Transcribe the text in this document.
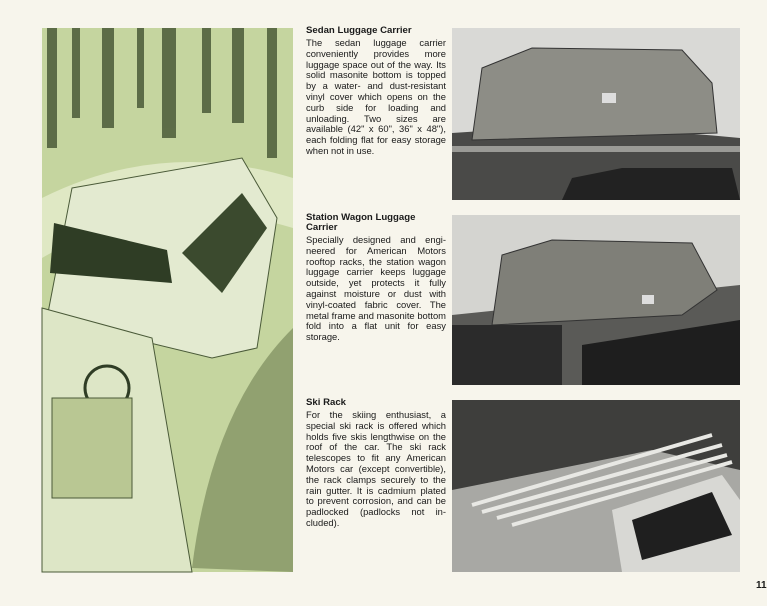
Sedan Luggage Carrier

The sedan luggage carrier conveniently provides more luggage space out of the way. Its solid masonite bottom is topped by a water- and dust-resistant vinyl cover which opens on the curb side for loading and unloading. Two sizes are available (42" x 60", 36" x 48"), each folding flat for easy storage when not in use.

Station Wagon Luggage Carrier

Specially designed and engineered for American Motors rooftop racks, the station wagon luggage carrier keeps luggage outside, yet protects it fully against moisture or dust with vinyl-coated fabric cover. The metal frame and masonite bottom fold into a flat unit for easy storage.

Ski Rack

For the skiing enthusiast, a special ski rack is offered which holds five skis lengthwise on the roof of the car. The ski rack telescopes to fit any American Motors car (except convertible), the rack clamps securely to the rain gutter. It is cadmium plated to prevent corrosion, and can be padlocked (padlocks not included).

11
